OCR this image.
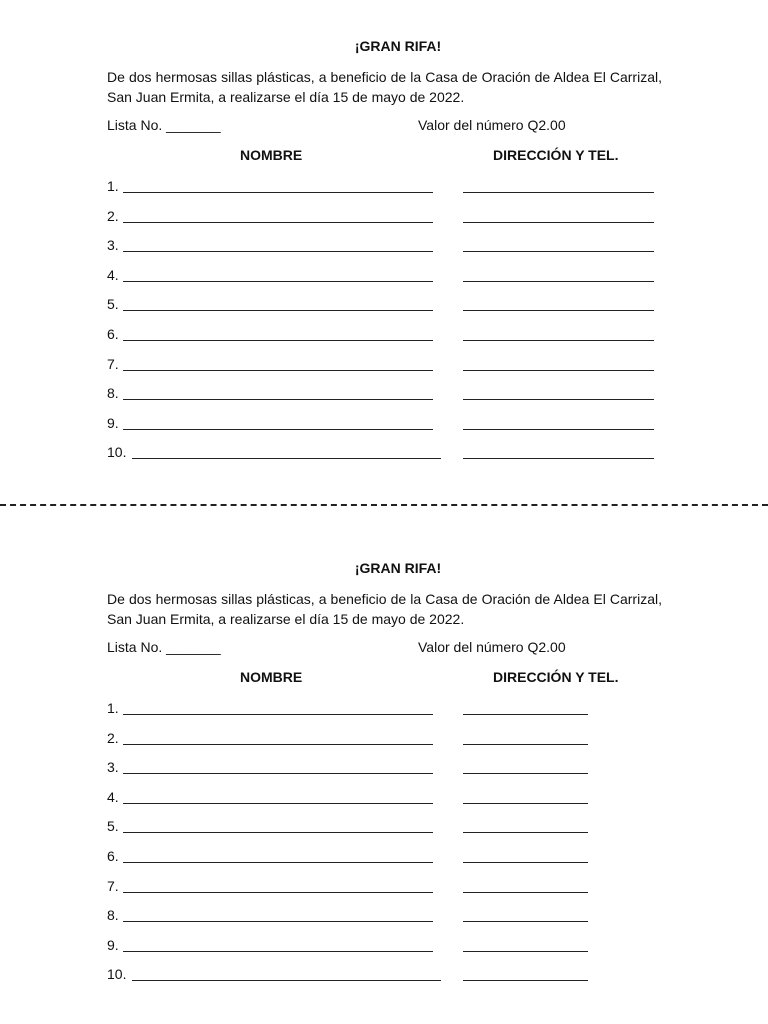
¡GRAN RIFA!

De dos hermosas sillas plásticas, a beneficio de la Casa de Oración de Aldea El Carrizal, San Juan Ermita, a realizarse el día 15 de mayo de 2022.

Lista No. _______	Valor del número Q2.00

NOMBRE	DIRECCIÓN Y TEL.

1.
2.
3.
4.
5.
6.
7.
8.
9.
10.

¡GRAN RIFA!

De dos hermosas sillas plásticas, a beneficio de la Casa de Oración de Aldea El Carrizal, San Juan Ermita, a realizarse el día 15 de mayo de 2022.

Lista No. _______	Valor del número Q2.00

NOMBRE	DIRECCIÓN Y TEL.

1.
2.
3.
4.
5.
6.
7.
8.
9.
10.
